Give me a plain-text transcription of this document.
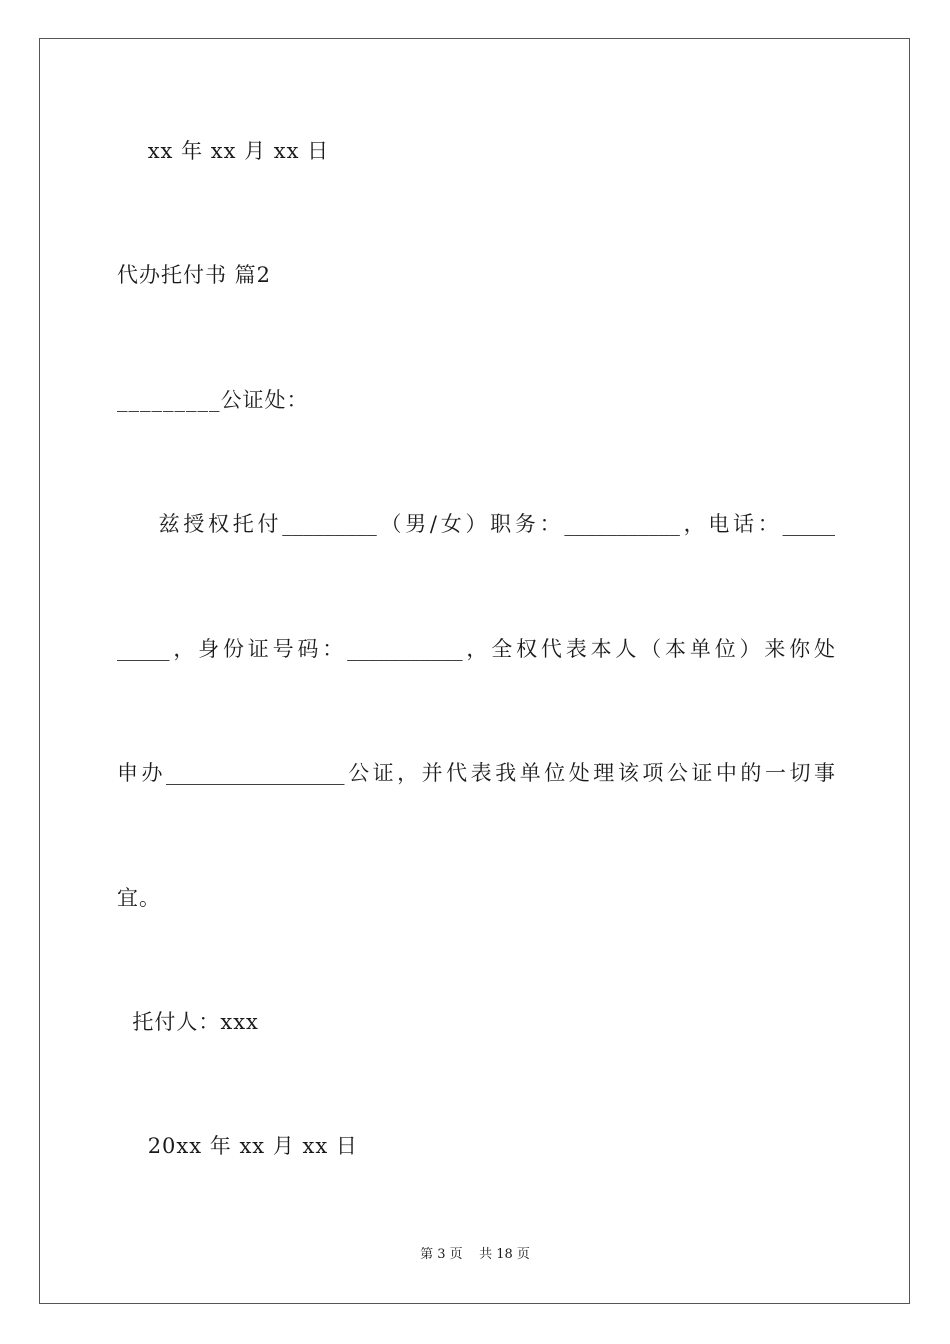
xx 年 xx 月 xx 日
代办托付书 篇2
_________公证处：
兹授权托付_________（男/女）职务：___________，电话：_____
_____，身份证号码：___________，全权代表本人（本单位）来你处
申办_________________公证，并代表我单位处理该项公证中的一切事
宜。
托付人：xxx
20xx 年 xx 月 xx 日
第 3 页    共 18 页
